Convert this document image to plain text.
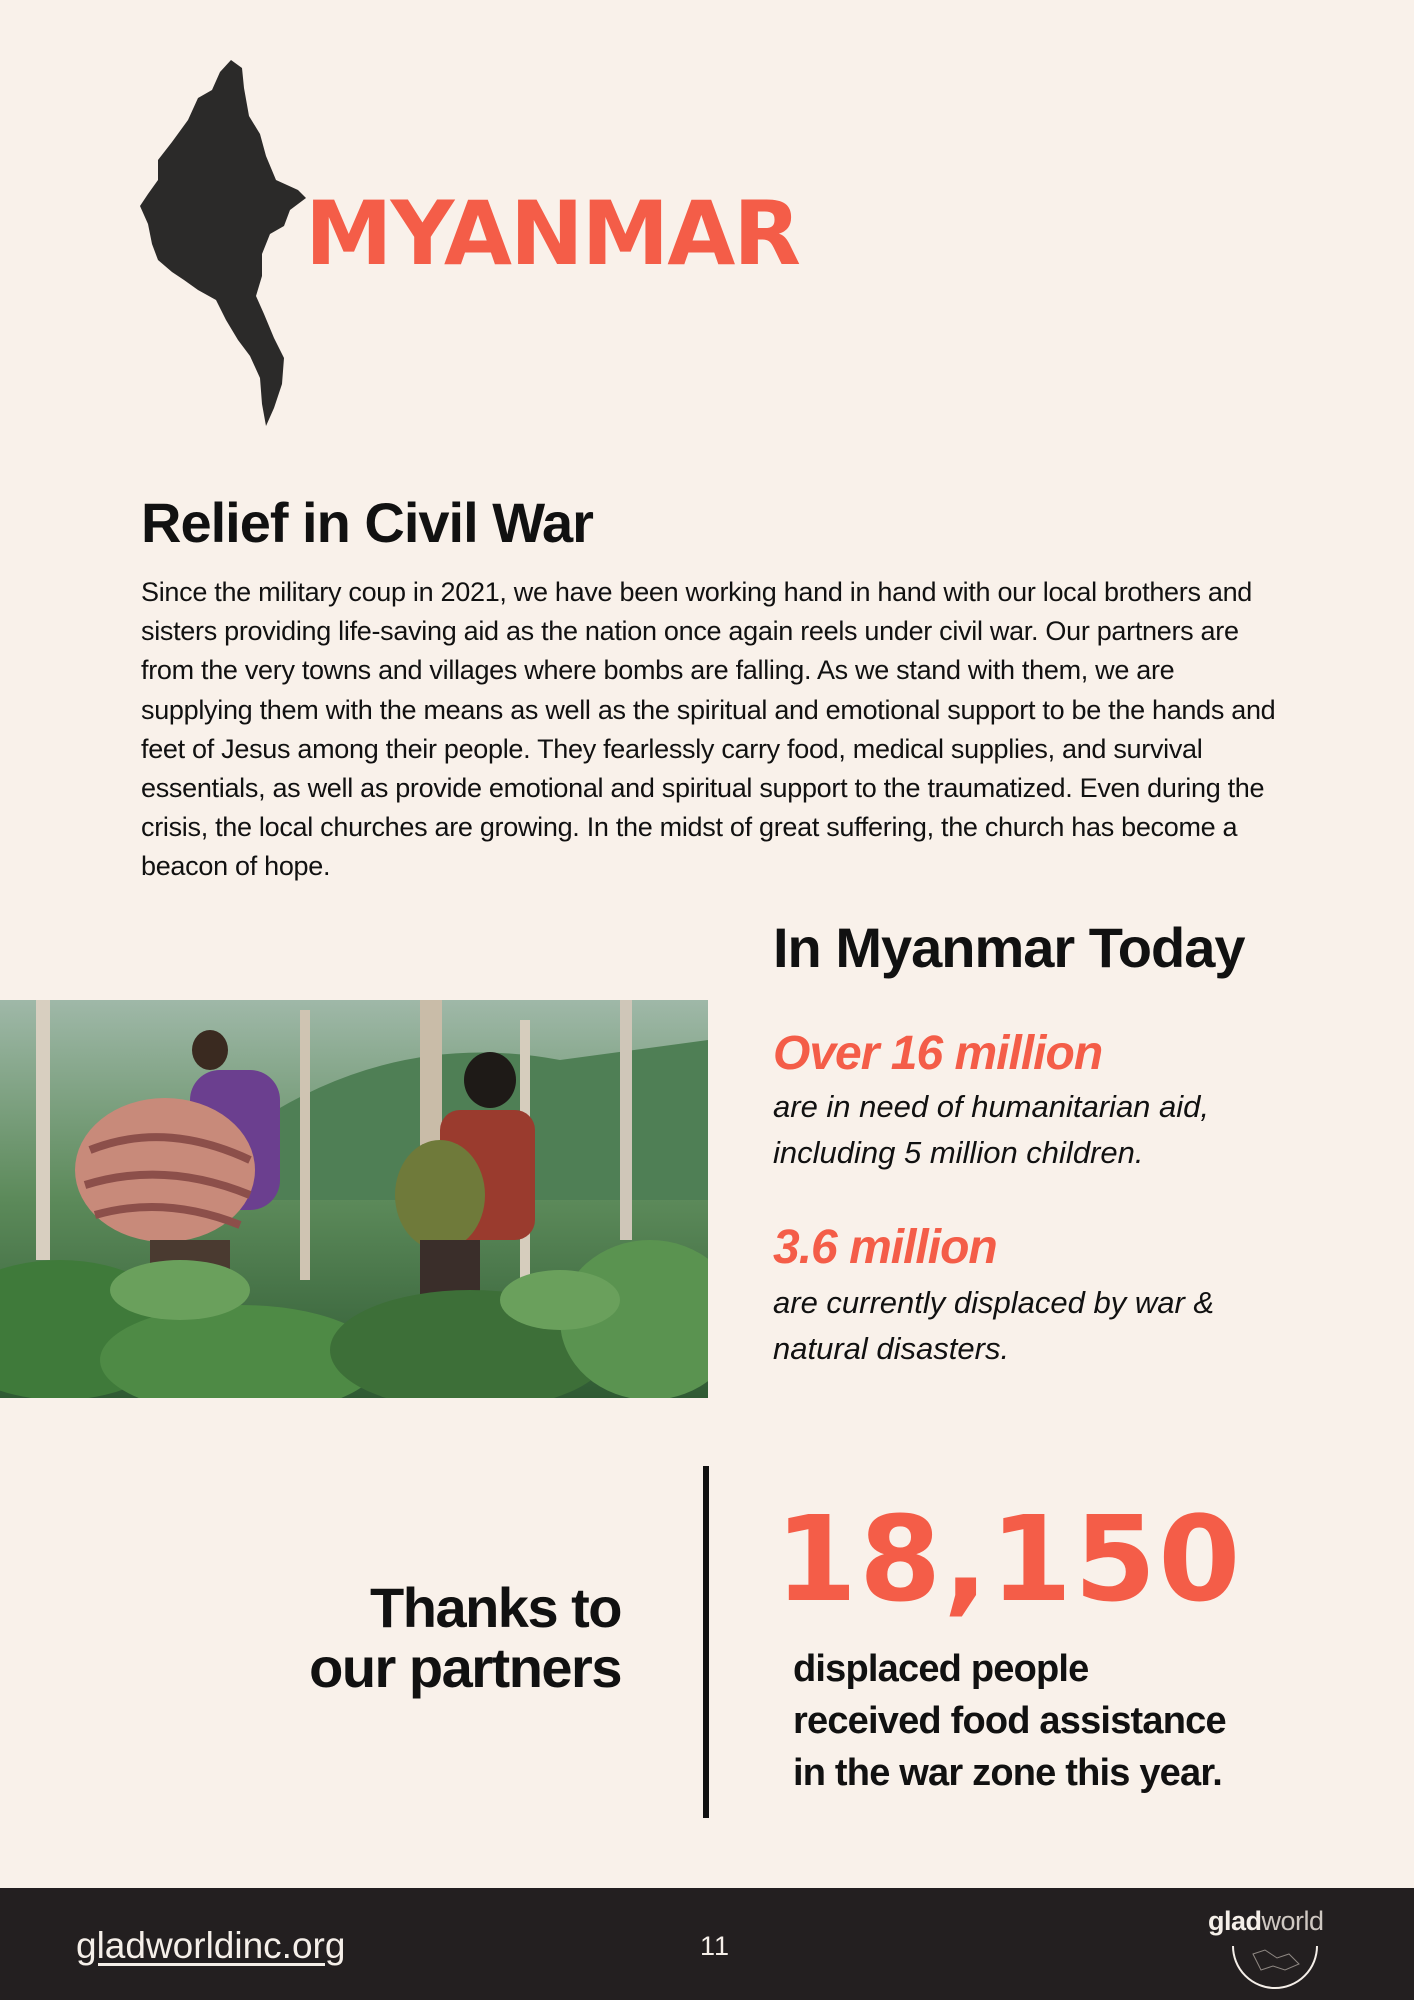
MYANMAR
Relief in Civil War
Since the military coup in 2021, we have been working hand in hand with our local brothers and sisters providing life-saving aid as the nation once again reels under civil war. Our partners are from the very towns and villages where bombs are falling. As we stand with them, we are supplying them with the means as well as the spiritual and emotional support to be the hands and feet of Jesus among their people. They fearlessly carry food, medical supplies, and survival essentials, as well as provide emotional and spiritual support to the traumatized. Even during the crisis, the local churches are growing. In the midst of great suffering, the church has become a beacon of hope.
In Myanmar Today
Over 16 million
are in need of humanitarian aid, including 5 million children.
3.6 million
are currently displaced by war & natural disasters.
Thanks to
our partners
18,150
displaced people received food assistance in the war zone this year.
gladworldinc.org	11
gladworld
